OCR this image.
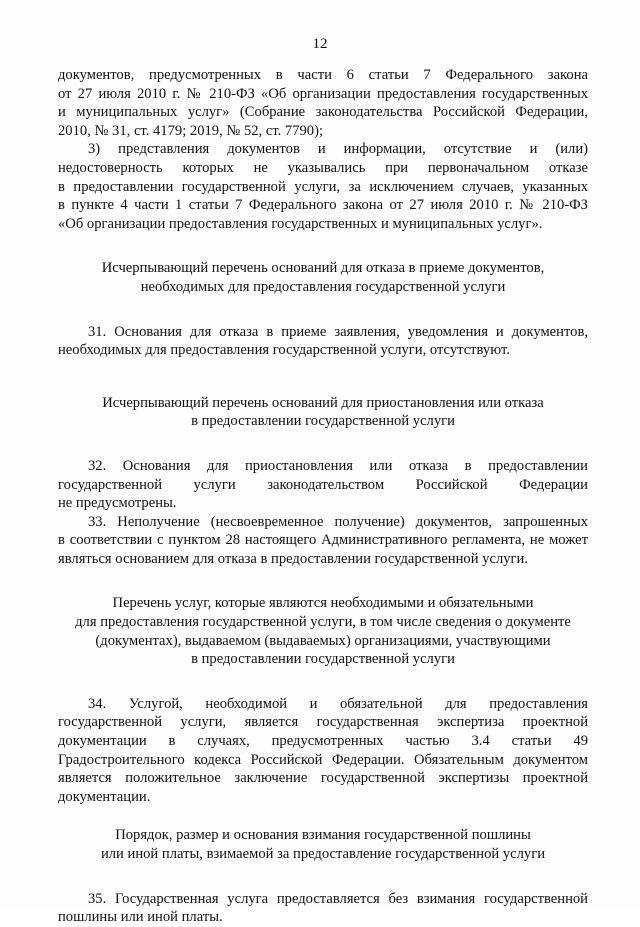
12
документов, предусмотренных в части 6 статьи 7 Федерального закона
от 27 июля 2010 г. № 210-ФЗ «Об организации предоставления государственных
и муниципальных услуг» (Собрание законодательства Российской Федерации,
2010, № 31, ст. 4179; 2019, № 52, ст. 7790);
3) представления документов и информации, отсутствие и (или)
недостоверность которых не указывались при первоначальном отказе
в предоставлении государственной услуги, за исключением случаев, указанных
в пункте 4 части 1 статьи 7 Федерального закона от 27 июля 2010 г. № 210-ФЗ
«Об организации предоставления государственных и муниципальных услуг».
Исчерпывающий перечень оснований для отказа в приеме документов,
необходимых для предоставления государственной услуги
31. Основания для отказа в приеме заявления, уведомления и документов,
необходимых для предоставления государственной услуги, отсутствуют.
Исчерпывающий перечень оснований для приостановления или отказа
в предоставлении государственной услуги
32. Основания для приостановления или отказа в предоставлении
государственной услуги законодательством Российской Федерации
не предусмотрены.
33. Неполучение (несвоевременное получение) документов, запрошенных
в соответствии с пунктом 28 настоящего Административного регламента, не может
являться основанием для отказа в предоставлении государственной услуги.
Перечень услуг, которые являются необходимыми и обязательными
для предоставления государственной услуги, в том числе сведения о документе
(документах), выдаваемом (выдаваемых) организациями, участвующими
в предоставлении государственной услуги
34. Услугой, необходимой и обязательной для предоставления
государственной услуги, является государственная экспертиза проектной
документации в случаях, предусмотренных частью 3.4 статьи 49
Градостроительного кодекса Российской Федерации. Обязательным документом
является положительное заключение государственной экспертизы проектной
документации.
Порядок, размер и основания взимания государственной пошлины
или иной платы, взимаемой за предоставление государственной услуги
35. Государственная услуга предоставляется без взимания государственной
пошлины или иной платы.
